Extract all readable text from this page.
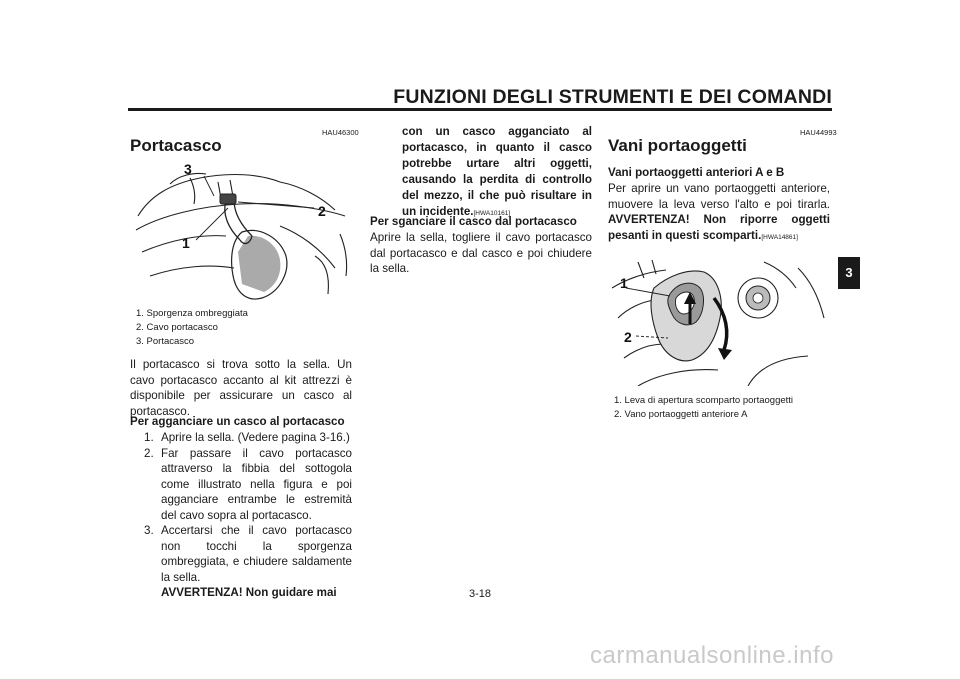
FUNZIONI DEGLI STRUMENTI E DEI COMANDI
3
HAU46300
Portacasco
3
2
1
1. Sporgenza ombreggiata
2. Cavo portacasco
3. Portacasco
Il portacasco si trova sotto la sella. Un cavo portacasco accanto al kit attrezzi è disponibile per assicurare un casco al portacasco.
Per agganciare un casco al portacasco
1. Aprire la sella. (Vedere pagina 3-16.)
2. Far passare il cavo portacasco attraverso la fibbia del sottogola come illustrato nella figura e poi agganciare entrambe le estremità del cavo sopra al portacasco.
3. Accertarsi che il cavo portacasco non tocchi la sporgenza ombreggiata, e chiudere saldamente la sella.
AVVERTENZA! Non guidare mai
con un casco agganciato al portacasco, in quanto il casco potrebbe urtare altri oggetti, causando la perdita di controllo del mezzo, il che può risultare in un incidente.[HWA10161]
Per sganciare il casco dal portacasco
Aprire la sella, togliere il cavo portacasco dal portacasco e dal casco e poi chiudere la sella.
HAU44993
Vani portaoggetti
Vani portaoggetti anteriori A e B
Per aprire un vano portaoggetti anteriore, muovere la leva verso l'alto e poi tirarla. AVVERTENZA! Non riporre oggetti pesanti in questi scomparti.[HWA14861]
1
2
1. Leva di apertura scomparto portaoggetti
2. Vano portaoggetti anteriore A
3-18
carmanualsonline.info
